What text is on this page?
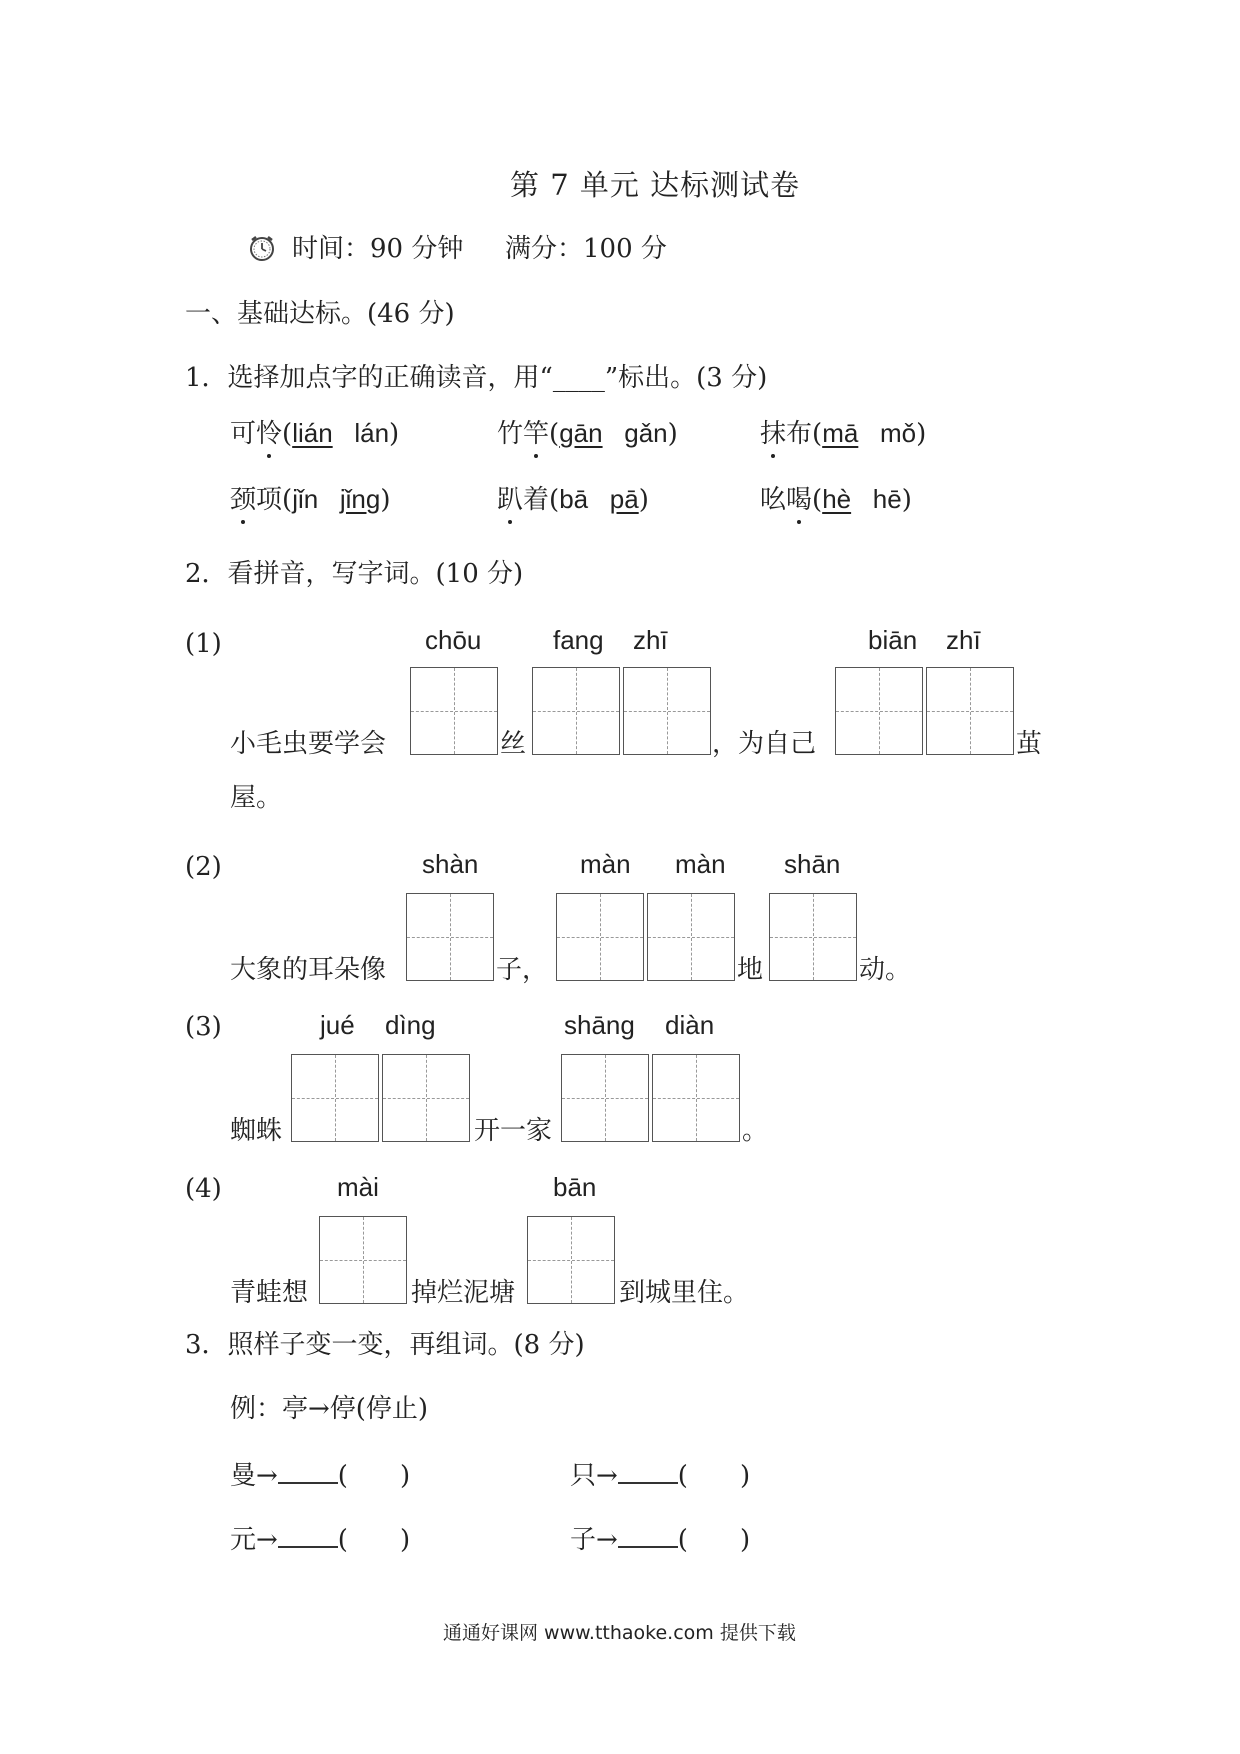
第 7 单元 达标测试卷
时间：90 分钟 满分：100 分
一、基础达标。(46 分)
1．选择加点字的正确读音，用“____”标出。(3 分)
可怜(lián lán)	竹竿(gān gǎn)	抹布(mā mǒ)
颈项(jǐn jǐng)	趴着(bā pā)	吆喝(hè hē)
2．看拼音，写字词。(10 分)
(1)	chōu	fang zhī	biān zhī
小毛虫要学会	丝	，为自己	茧
屋。
(2)	shàn	màn màn shān
大象的耳朵像	子，	地	动。
(3)	jué dìng	shāng diàn
蜘蛛	开一家	。
(4)	mài	bān
青蛙想	掉烂泥塘	到城里住。
3．照样子变一变，再组词。(8 分)
例：亭→停(停止)
曼→ (　　)	只→ (　　)
元→ (　　)	子→ (　　)
通通好课网 www.tthaoke.com 提供下载
